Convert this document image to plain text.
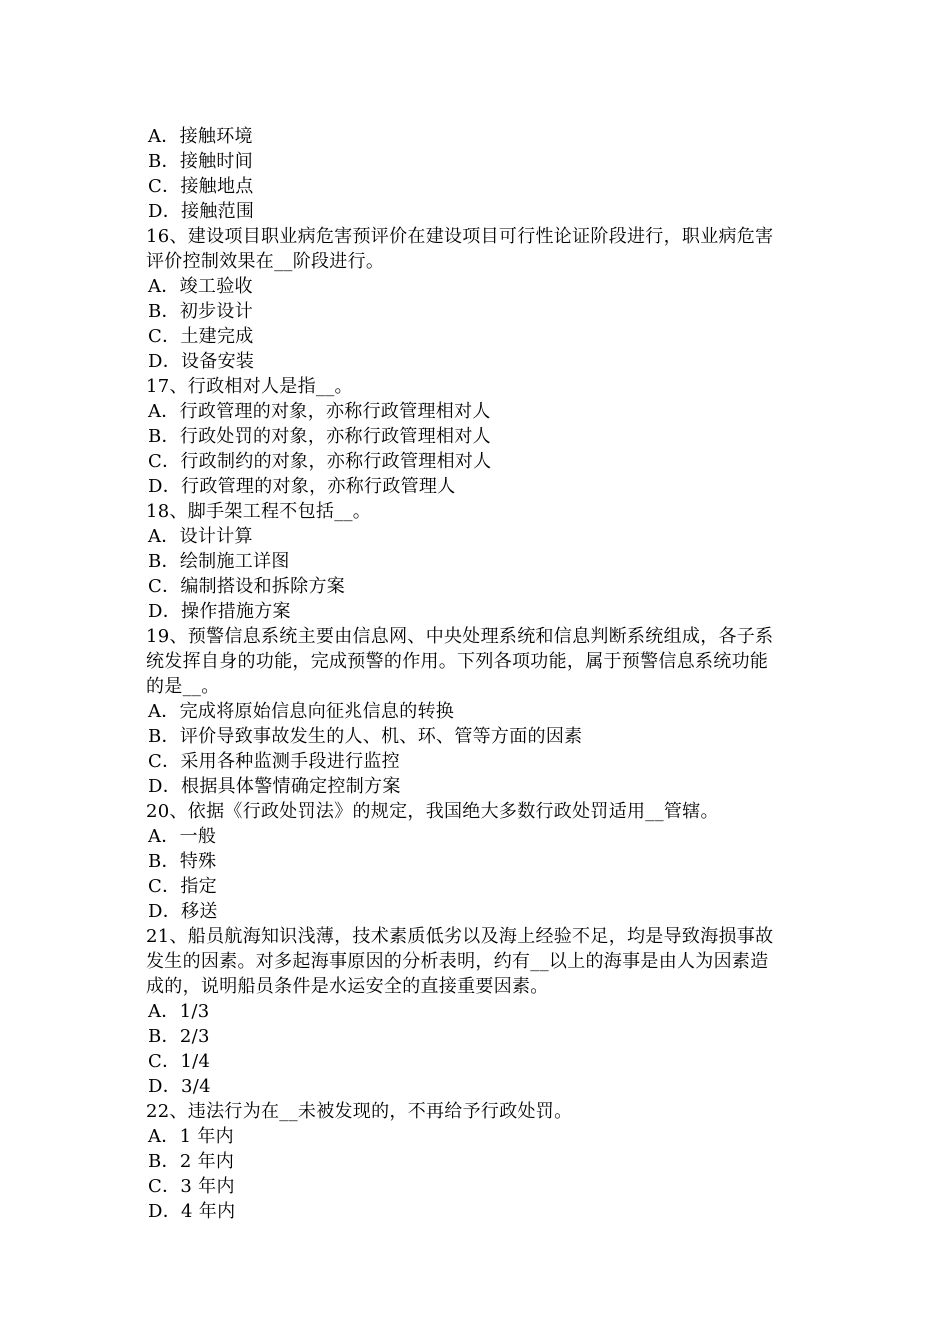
A．接触环境
B．接触时间
C．接触地点
D．接触范围
16、建设项目职业病危害预评价在建设项目可行性论证阶段进行，职业病危害
评价控制效果在__阶段进行。
A．竣工验收
B．初步设计
C．土建完成
D．设备安装
17、行政相对人是指__。
A．行政管理的对象，亦称行政管理相对人
B．行政处罚的对象，亦称行政管理相对人
C．行政制约的对象，亦称行政管理相对人
D．行政管理的对象，亦称行政管理人
18、脚手架工程不包括__。
A．设计计算
B．绘制施工详图
C．编制搭设和拆除方案
D．操作措施方案
19、预警信息系统主要由信息网、中央处理系统和信息判断系统组成，各子系
统发挥自身的功能，完成预警的作用。下列各项功能，属于预警信息系统功能
的是__。
A．完成将原始信息向征兆信息的转换
B．评价导致事故发生的人、机、环、管等方面的因素
C．采用各种监测手段进行监控
D．根据具体警情确定控制方案
20、依据《行政处罚法》的规定，我国绝大多数行政处罚适用__管辖。
A．一般
B．特殊
C．指定
D．移送
21、船员航海知识浅薄，技术素质低劣以及海上经验不足，均是导致海损事故
发生的因素。对多起海事原因的分析表明，约有__以上的海事是由人为因素造
成的，说明船员条件是水运安全的直接重要因素。
A．1/3
B．2/3
C．1/4
D．3/4
22、违法行为在__未被发现的，不再给予行政处罚。
A．1 年内
B．2 年内
C．3 年内
D．4 年内
